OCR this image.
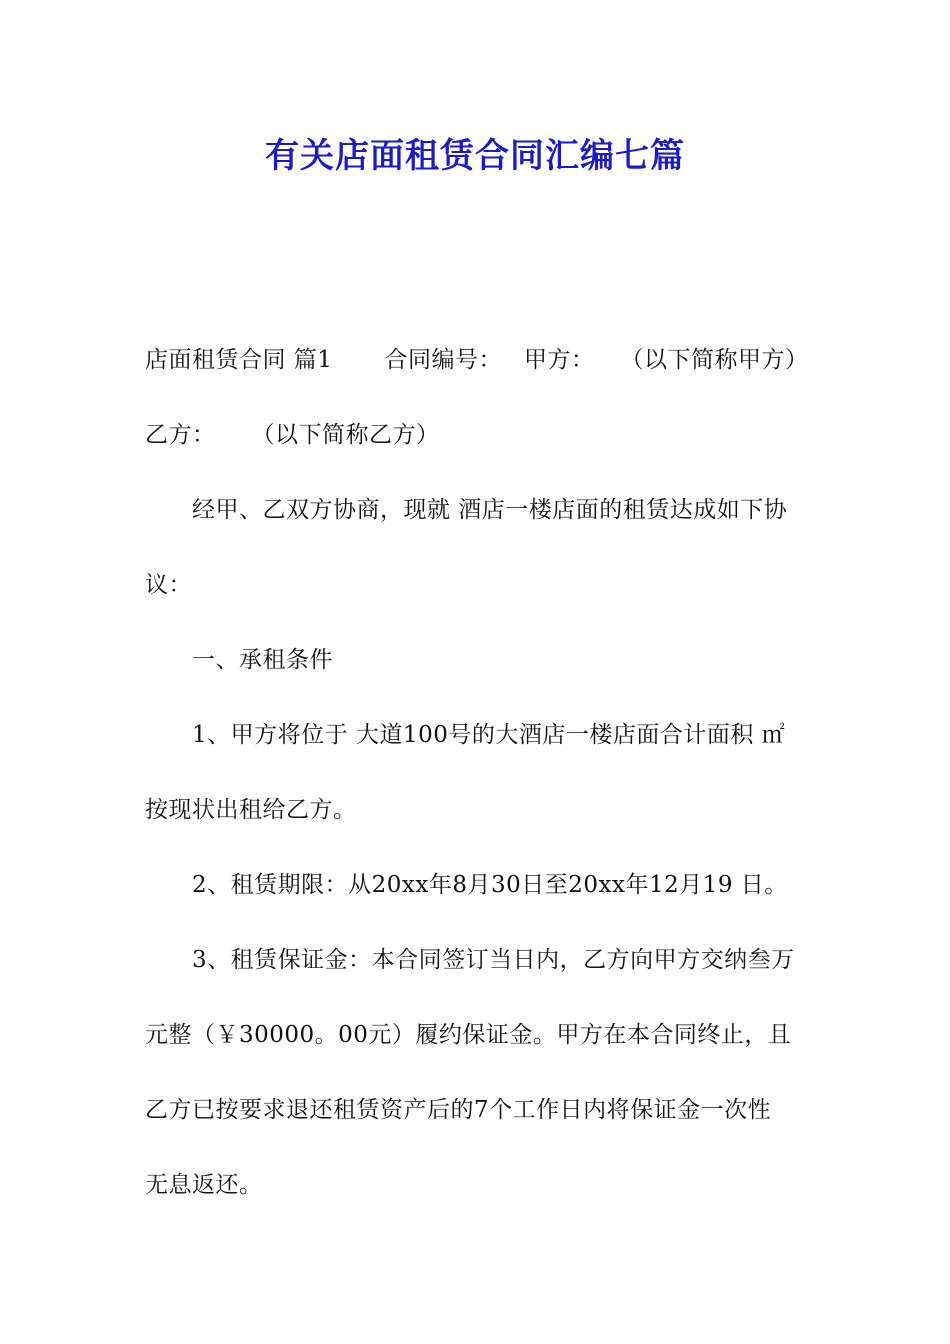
有关店面租赁合同汇编七篇
店面租赁合同 篇1 合同编号： 甲方： （以下简称甲方）
乙方： （以下简称乙方）
经甲、乙双方协商，现就 酒店一楼店面的租赁达成如下协
议：
一、承租条件
1、甲方将位于 大道100号的大酒店一楼店面合计面积 ㎡
按现状出租给乙方。
2、租赁期限：从20xx年8月30日至20xx年12月19 日。
3、租赁保证金：本合同签订当日内，乙方向甲方交纳叁万
元整（￥30000。00元）履约保证金。甲方在本合同终止，且
乙方已按要求退还租赁资产后的7个工作日内将保证金一次性
无息返还。
